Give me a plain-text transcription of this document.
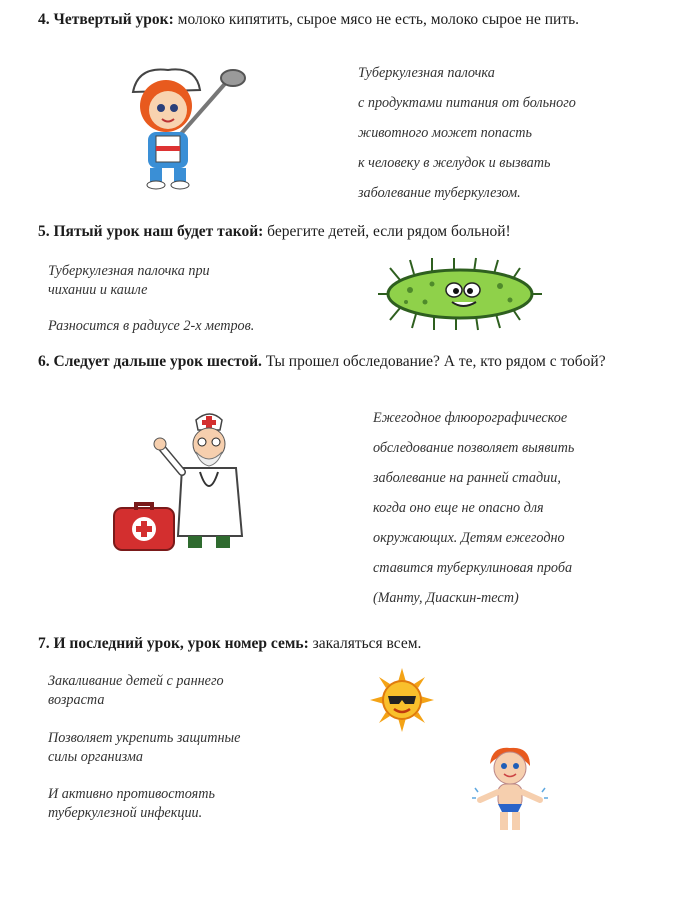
4. Четвертый урок: молоко кипятить, сырое мясо не есть, молоко сырое не пить.
Туберкулезная палочка
с продуктами питания от больного
животного может попасть
к человеку в желудок и вызвать
заболевание туберкулезом.
5. Пятый урок наш будет такой: берегите детей, если рядом больной!
Туберкулезная палочка при
чихании и кашле
Разносится в радиусе 2-х метров.
6. Следует дальше урок шестой. Ты прошел обследование? А те, кто рядом с тобой?
Ежегодное флюорографическое
обследование позволяет выявить
заболевание на ранней стадии,
когда оно еще не опасно для
окружающих. Детям ежегодно
ставится туберкулиновая проба
(Манту, Диаскин-тест)
7. И последний урок, урок номер семь: закаляться всем.
Закаливание детей с раннего
возраста
Позволяет укрепить защитные
силы организма
И активно противостоять
туберкулезной инфекции.
